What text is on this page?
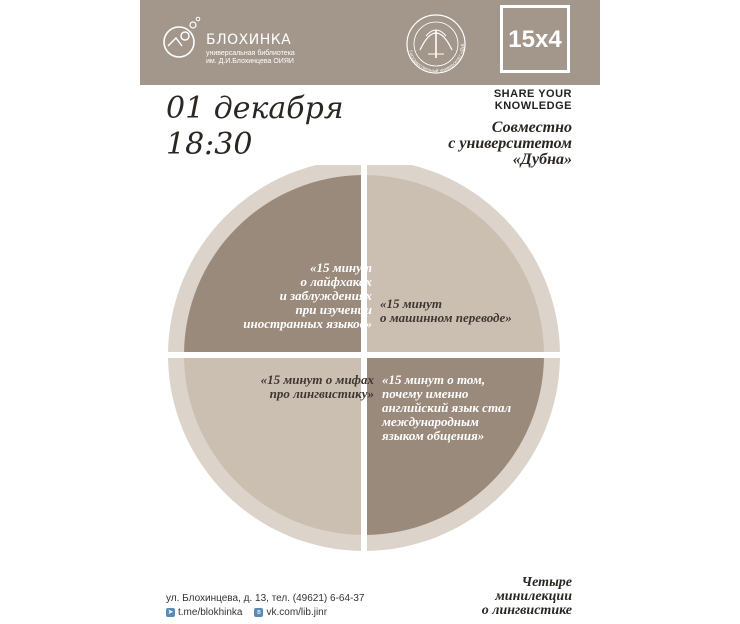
БЛОХИНКА
универсальная библиотека
им. Д.И.Блохинцева ОИЯИ
Государственный университет «Дуб 15x4
SHARE YOUR
KNOWLEDGE
01 декабря
18:30	Совместно
с университетом
«Дубна»
«15 минут
о лайфхаках
и заблуждениях
при изучении
иностранных языков»
«15 минут
о машинном переводе»
«15 минут о мифах
про лингвистику»
«15 минут о том,
почему именно
английский язык стал
международным
языком общения»
ул. Блохинцева, д. 13, тел. (49621) 6-64-37
➤ t.me/blokhinka	в vk.com/lib.jinr
Четыре
минилекции
о лингвистике
